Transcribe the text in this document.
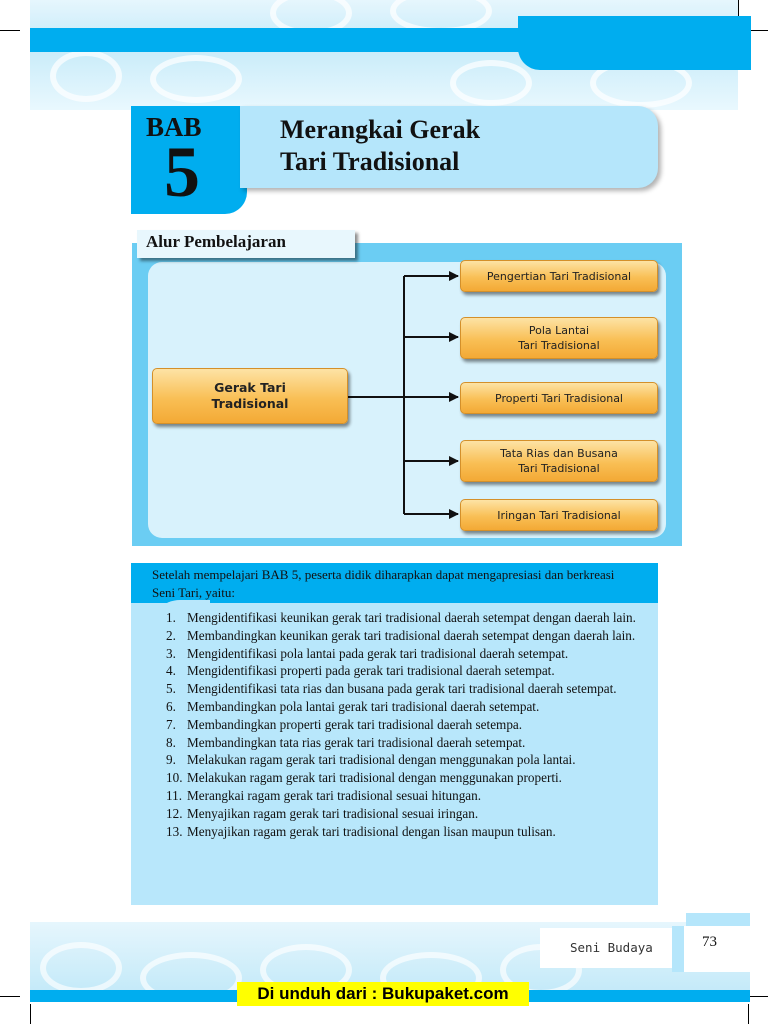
BAB
5
Merangkai Gerak
Tari Tradisional
Alur Pembelajaran
Gerak Tari
Tradisional
Pengertian Tari Tradisional
Pola Lantai
Tari Tradisional
Properti Tari Tradisional
Tata Rias dan Busana
Tari Tradisional
Iringan Tari Tradisional
Setelah mempelajari BAB 5, peserta didik diharapkan dapat mengapresiasi dan berkreasi Seni Tari, yaitu:
1. Mengidentifikasi keunikan gerak tari tradisional daerah setempat dengan daerah lain.
2. Membandingkan keunikan gerak tari tradisional daerah setempat dengan daerah lain.
3. Mengidentifikasi pola lantai pada gerak tari tradisional daerah setempat.
4. Mengidentifikasi properti pada gerak tari tradisional daerah setempat.
5. Mengidentifikasi tata rias dan busana pada gerak tari tradisional daerah setempat.
6. Membandingkan pola lantai gerak tari tradisional daerah setempat.
7. Membandingkan properti gerak tari tradisional daerah setempa.
8. Membandingkan tata rias gerak tari tradisional daerah setempat.
9. Melakukan ragam gerak tari tradisional dengan menggunakan pola lantai.
10. Melakukan ragam gerak tari tradisional dengan menggunakan properti.
11. Merangkai ragam gerak tari tradisional sesuai hitungan.
12. Menyajikan ragam gerak tari tradisional sesuai iringan.
13. Menyajikan ragam gerak tari tradisional dengan lisan maupun tulisan.
Seni Budaya	73
Di unduh dari : Bukupaket.com
